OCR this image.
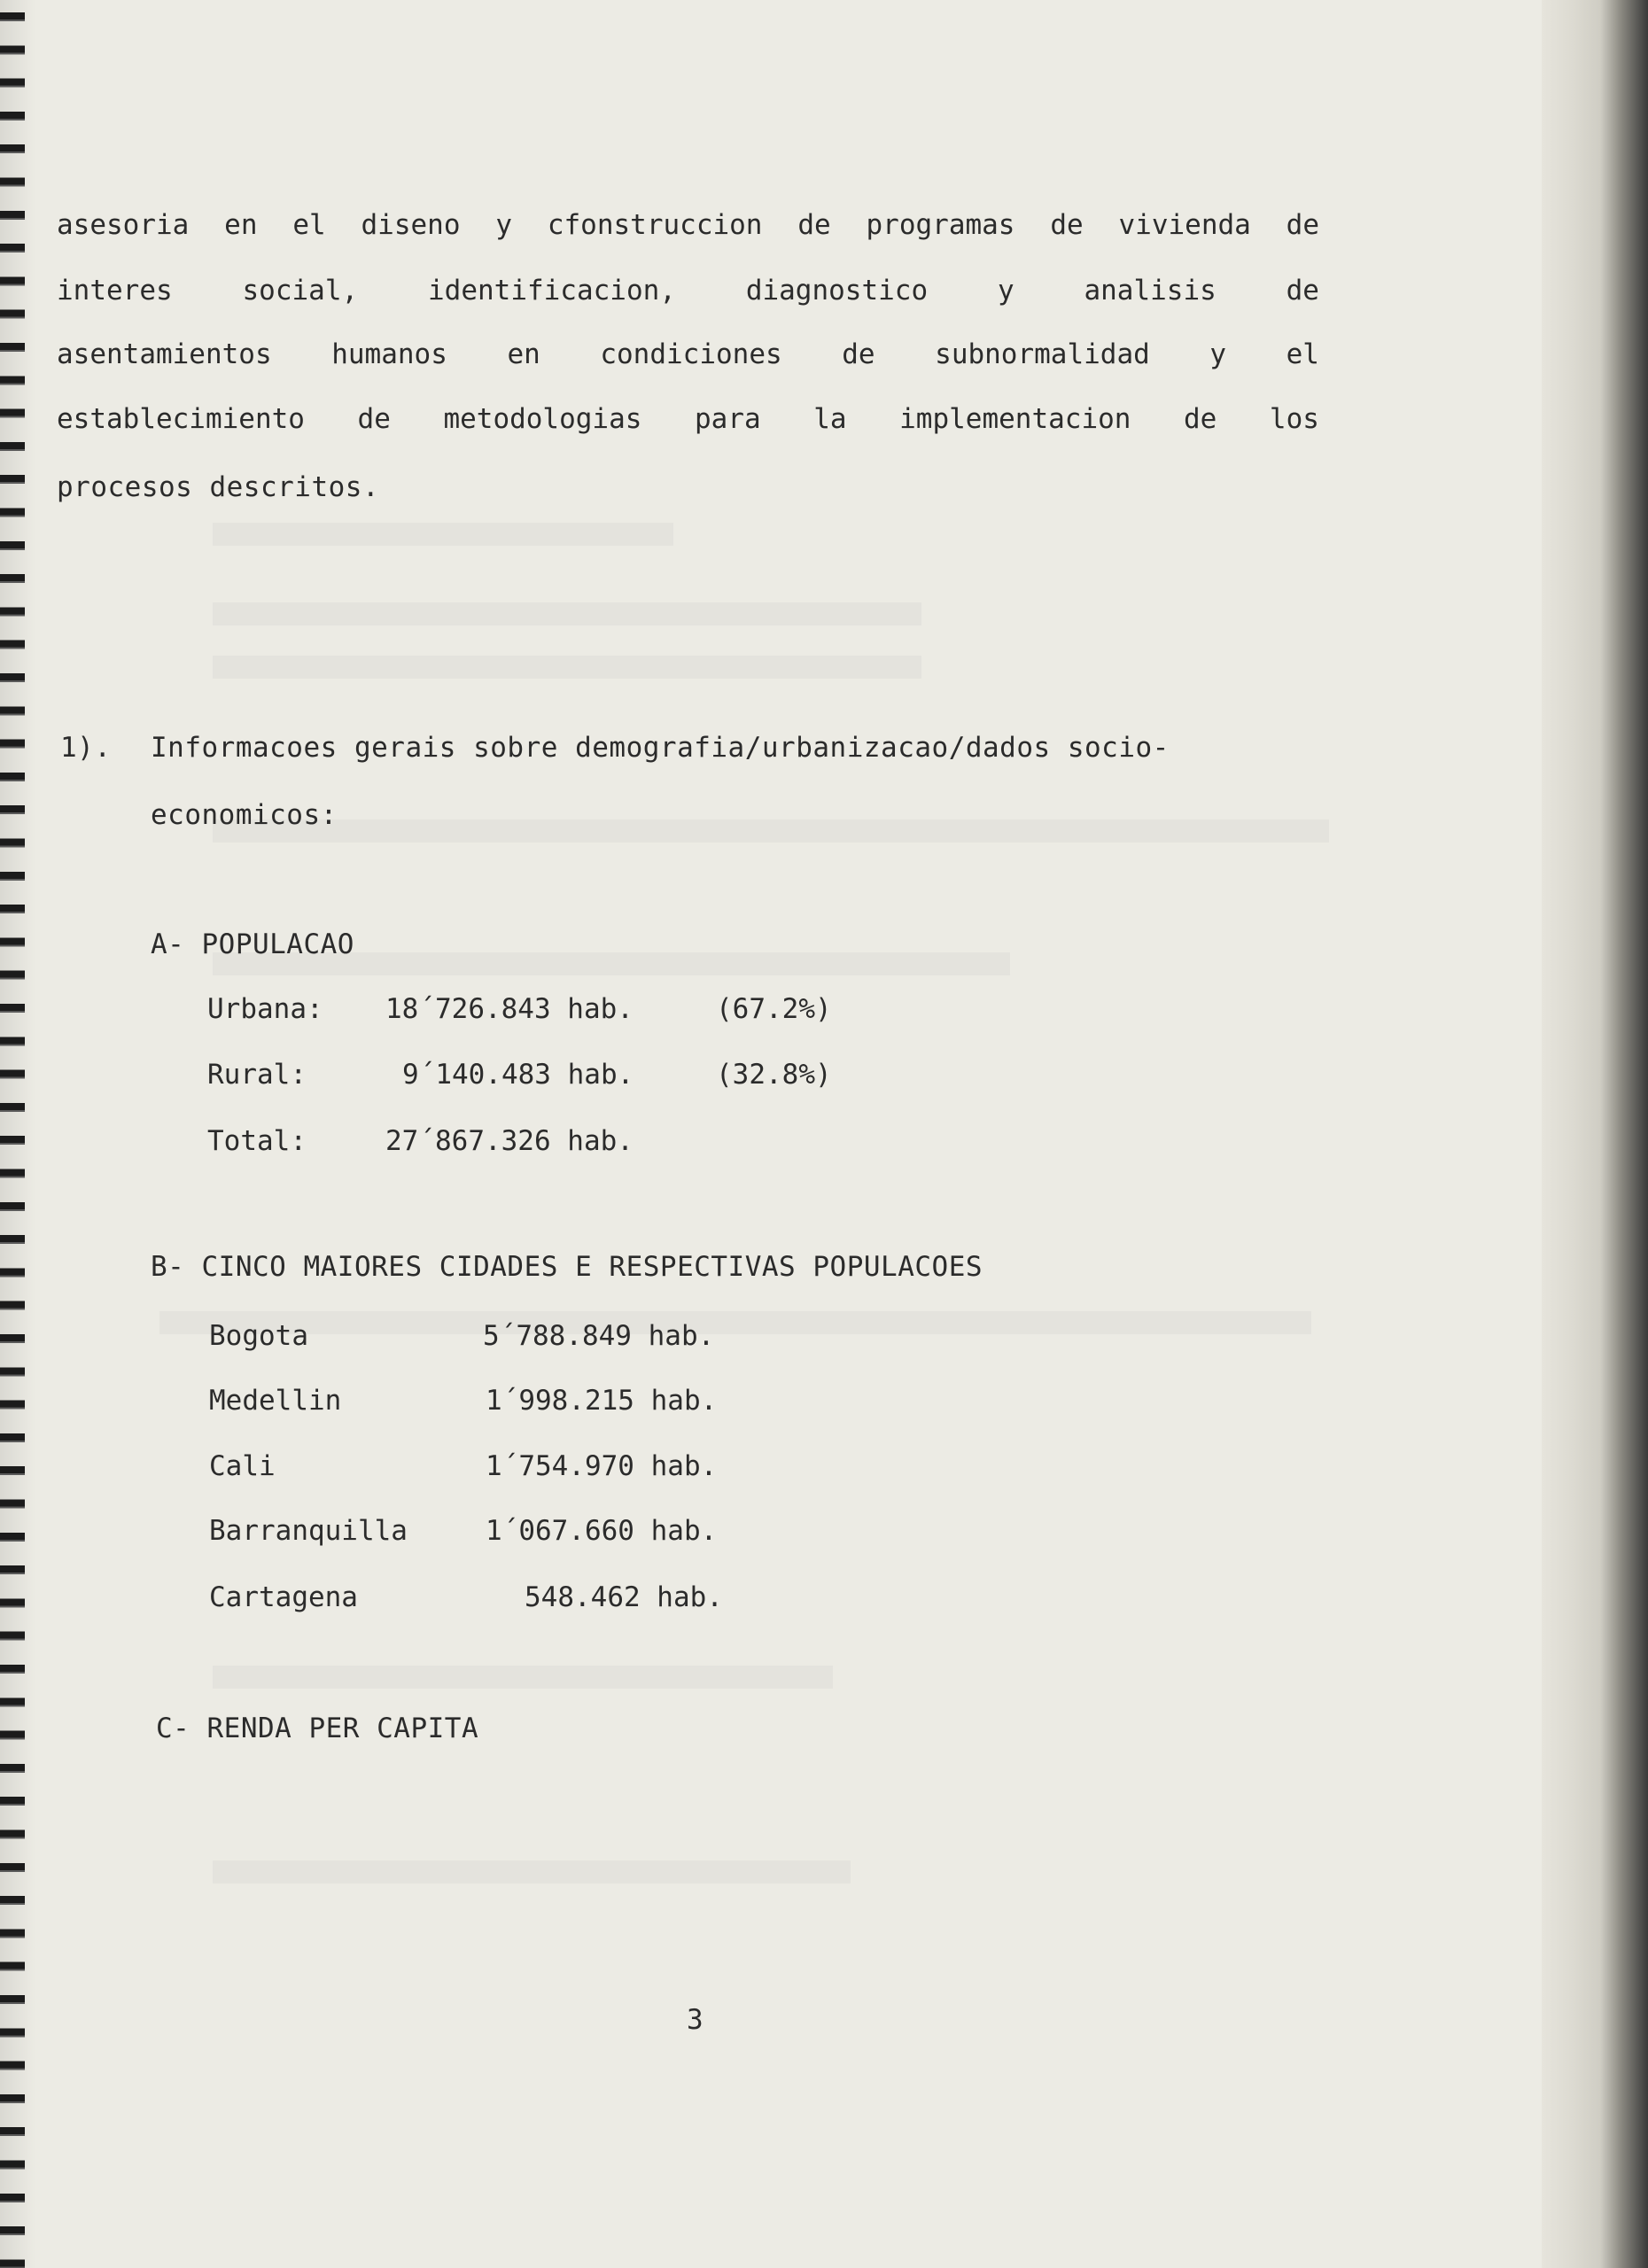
asesoria en el diseno y cfonstruccion de programas de vivienda de
interes	social,	identificacion,	diagnostico	y	analisis	de
asentamientos humanos en condiciones de subnormalidad y el
establecimiento de metodologias para la implementacion de los
procesos descritos.
1). Informacoes gerais sobre demografia/urbanizacao/dados socio-
economicos:
A- POPULACAO
Urbana: 18´726.843 hab.	(67.2%)
Rural:	9´140.483 hab.	(32.8%)
Total:	27´867.326 hab.
B- CINCO MAIORES CIDADES E RESPECTIVAS POPULACOES
Bogota	5´788.849 hab.
Medellin	1´998.215 hab.
Cali	1´754.970 hab.
Barranquilla	1´067.660 hab.
Cartagena	548.462 hab.
C- RENDA PER CAPITA
3
